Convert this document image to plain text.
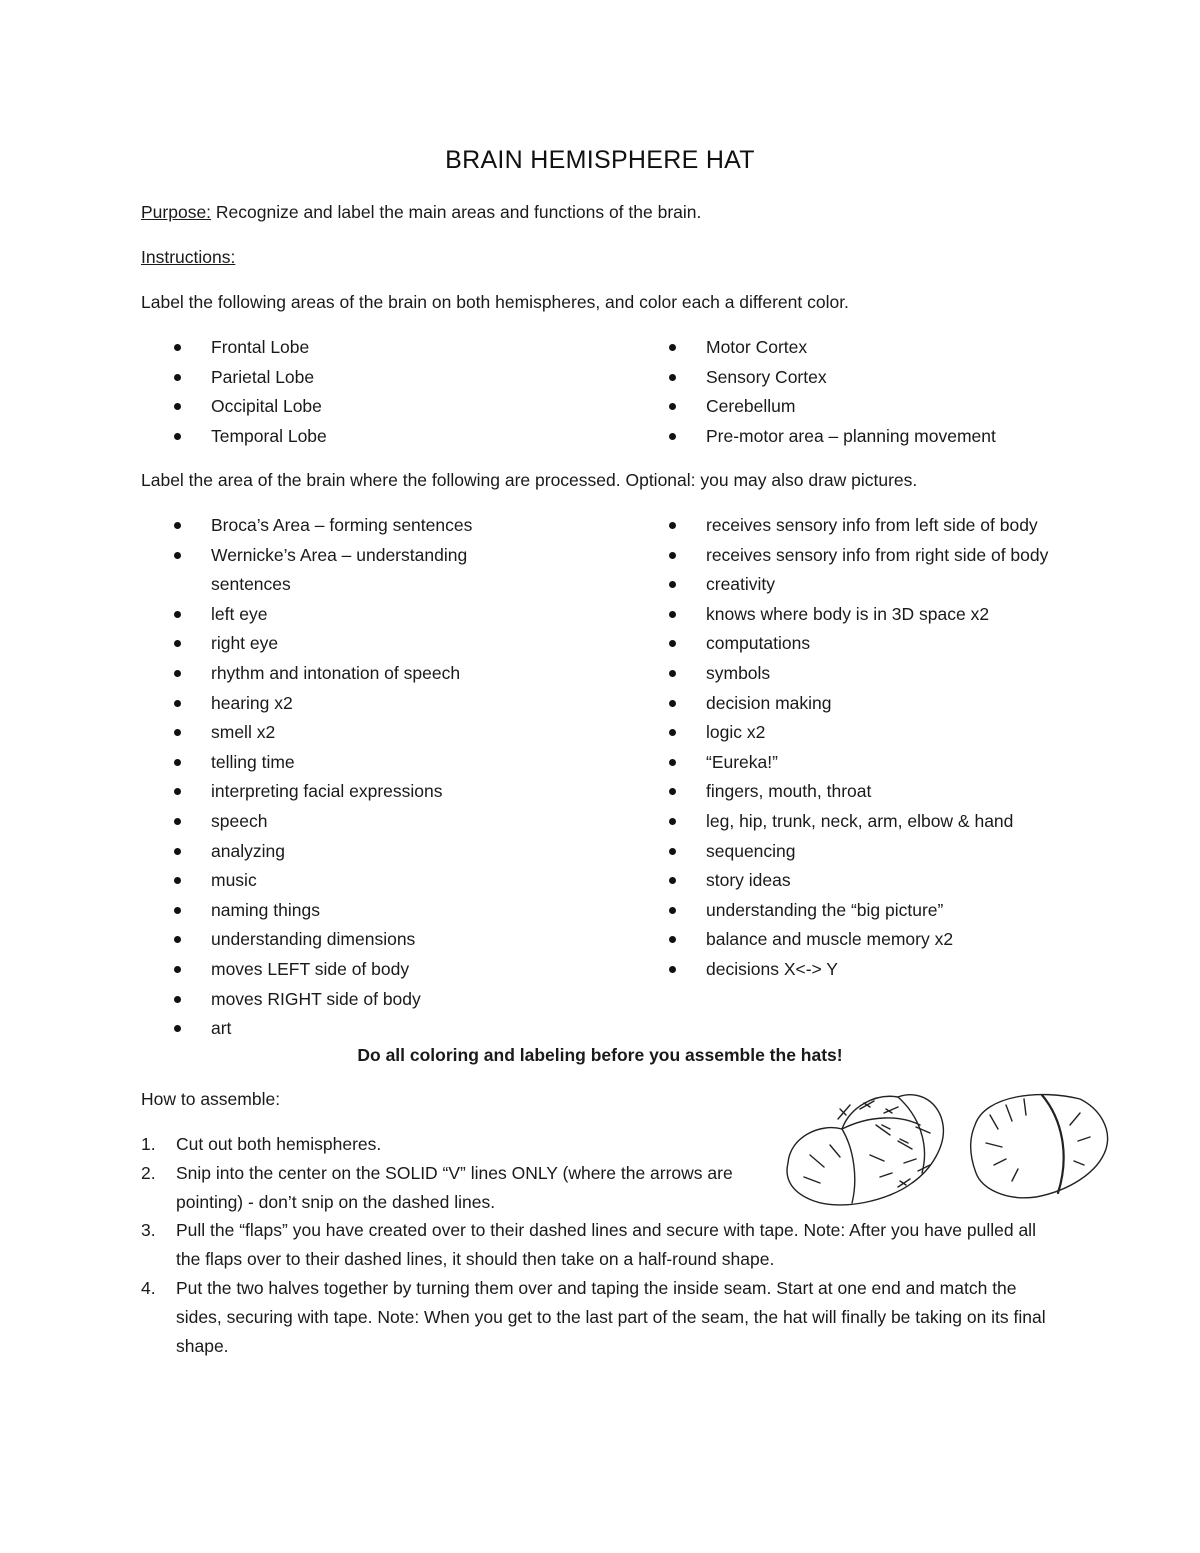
BRAIN HEMISPHERE HAT
Purpose: Recognize and label the main areas and functions of the brain.
Instructions:
Label the following areas of the brain on both hemispheres, and color each a different color.
Frontal Lobe
Parietal Lobe
Occipital Lobe
Temporal Lobe
Motor Cortex
Sensory Cortex
Cerebellum
Pre-motor area – planning movement
Label the area of the brain where the following are processed. Optional: you may also draw pictures.
Broca’s Area – forming sentences
Wernicke’s Area – understanding sentences
left eye
right eye
rhythm and intonation of speech
hearing x2
smell x2
telling time
interpreting facial expressions
speech
analyzing
music
naming things
understanding dimensions
moves LEFT side of body
moves RIGHT side of body
art
receives sensory info from left side of body
receives sensory info from right side of body
creativity
knows where body is in 3D space x2
computations
symbols
decision making
logic x2
“Eureka!”
fingers, mouth, throat
leg, hip, trunk, neck, arm, elbow & hand
sequencing
story ideas
understanding the “big picture”
balance and muscle memory x2
decisions X<-> Y
Do all coloring and labeling before you assemble the hats!
How to assemble:
1. Cut out both hemispheres.
2. Snip into the center on the SOLID “V” lines ONLY (where the arrows are pointing) - don’t snip on the dashed lines.
3. Pull the “flaps” you have created over to their dashed lines and secure with tape. Note: After you have pulled all the flaps over to their dashed lines, it should then take on a half-round shape.
4. Put the two halves together by turning them over and taping the inside seam. Start at one end and match the sides, securing with tape. Note: When you get to the last part of the seam, the hat will finally be taking on its final shape.
